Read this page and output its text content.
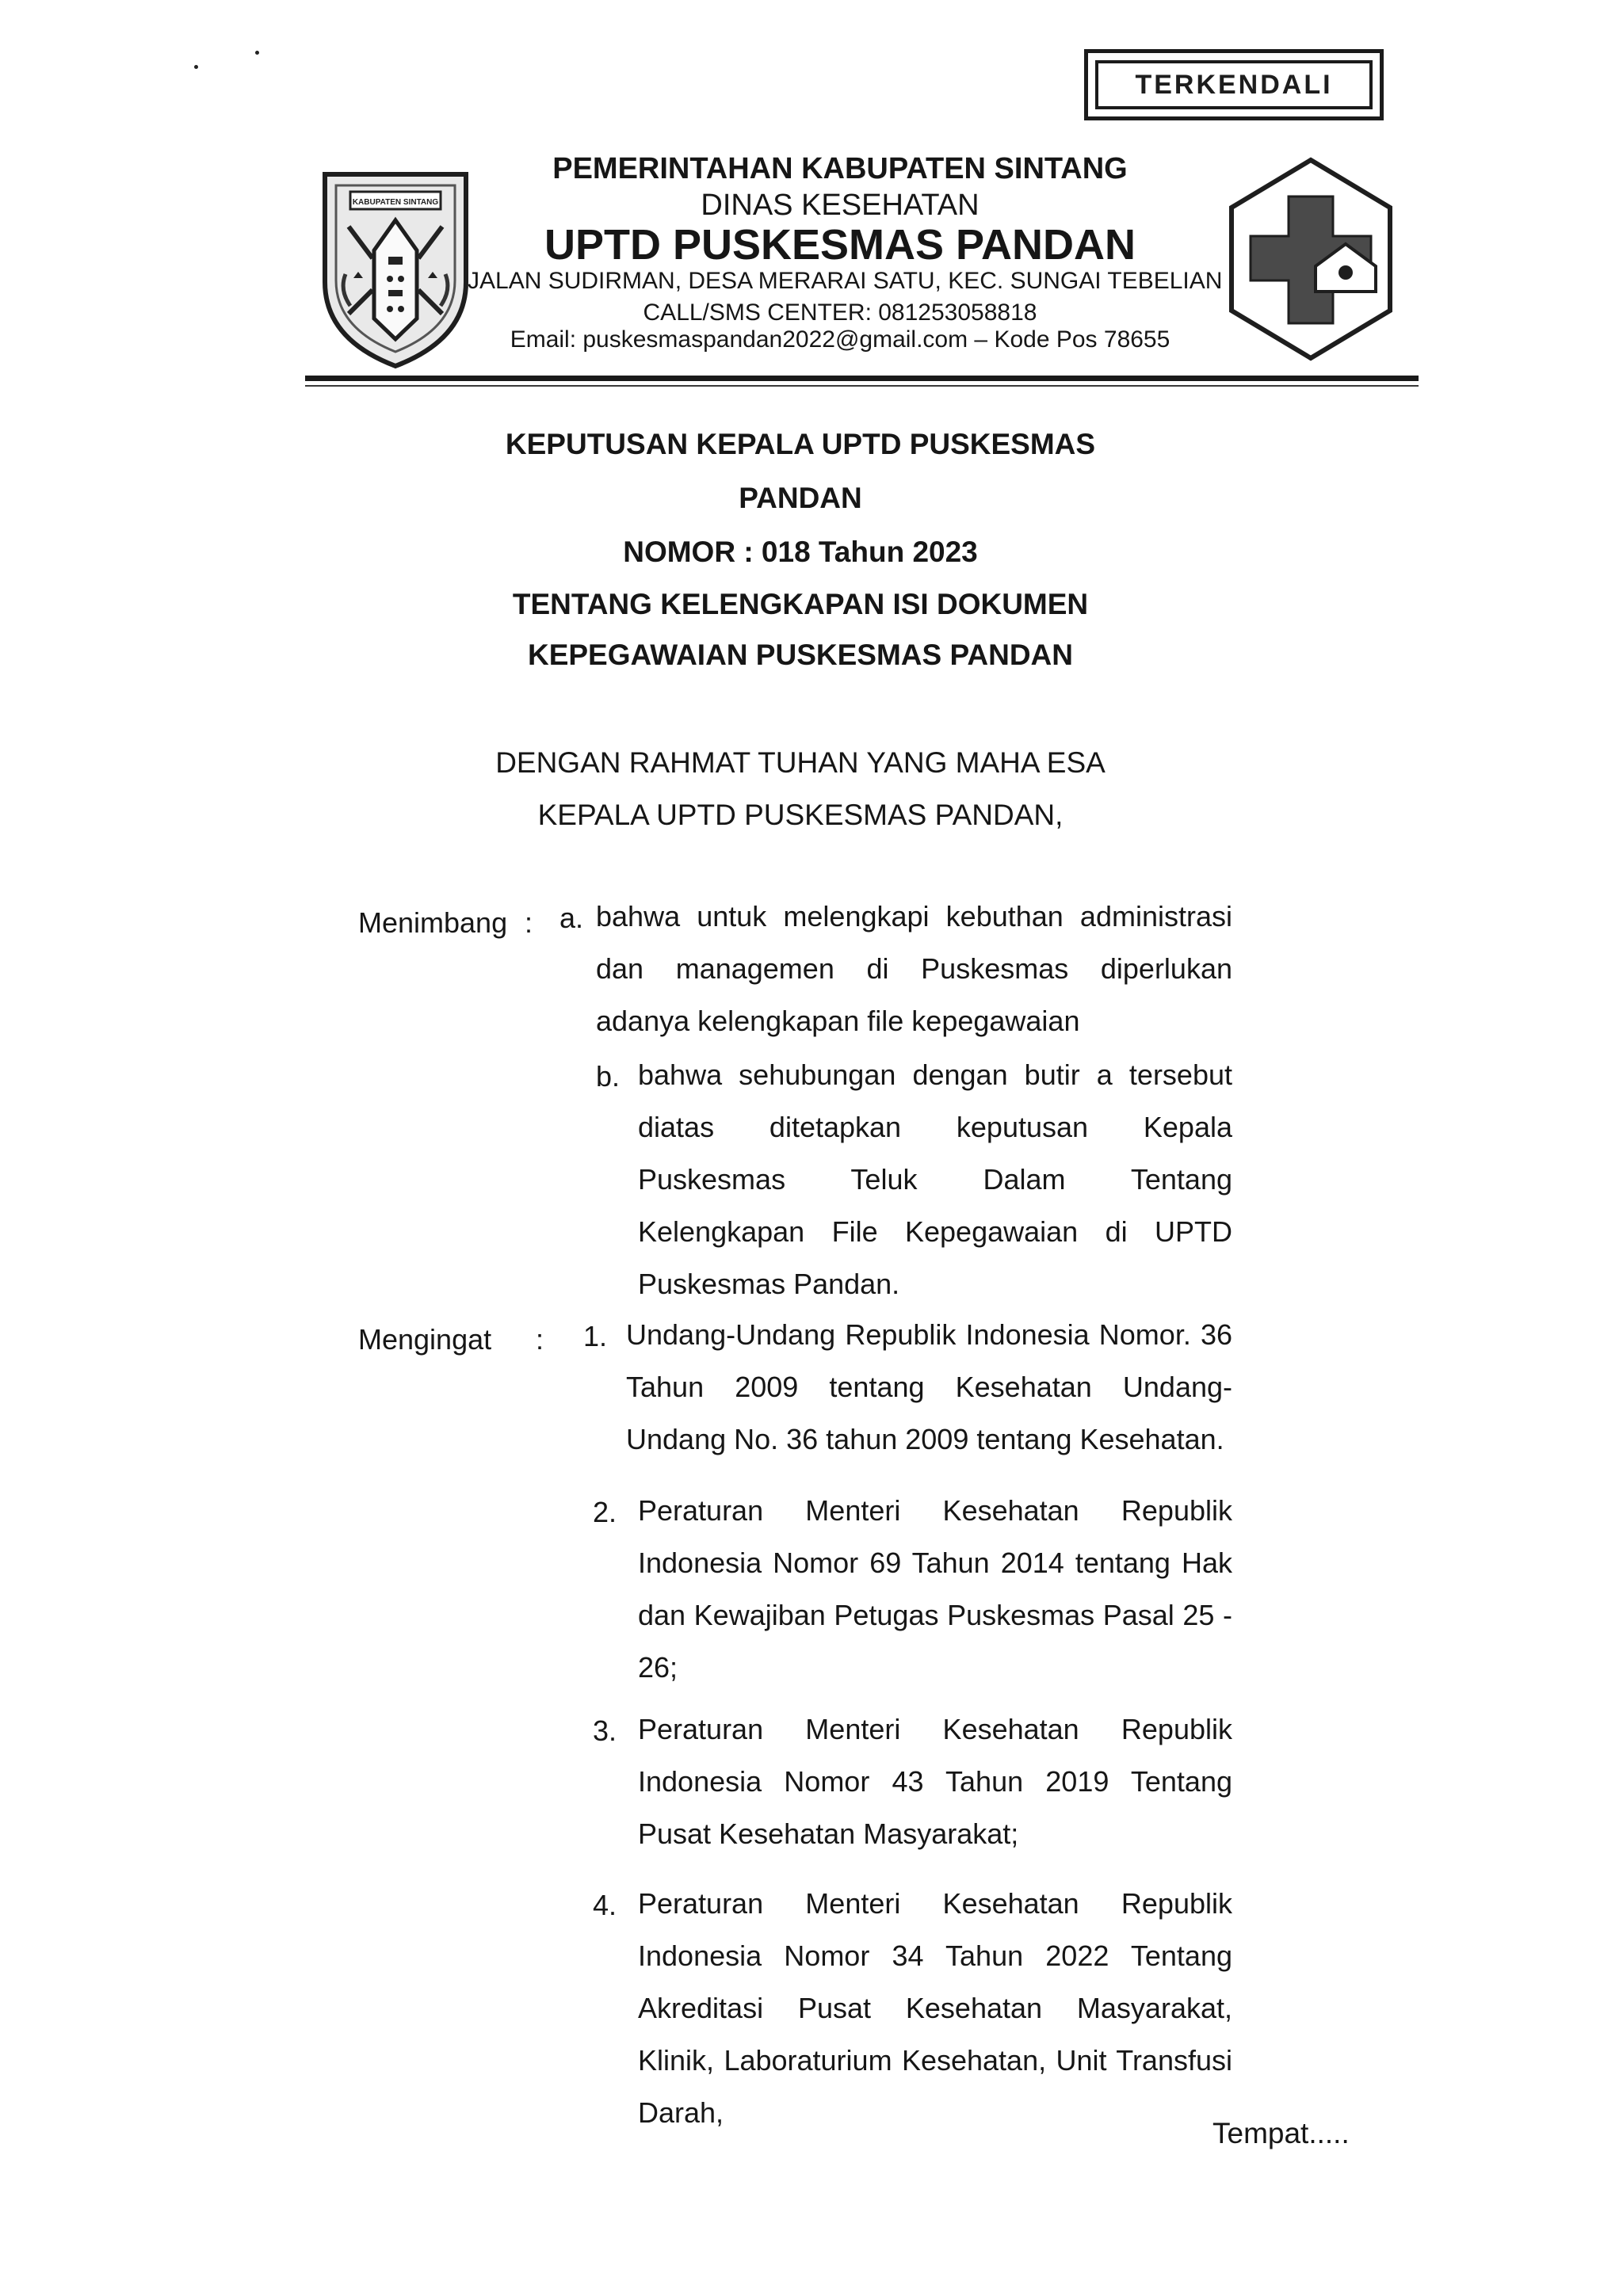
TERKENDALI
KABUPATEN SINTANG
PEMERINTAHAN KABUPATEN SINTANG
DINAS KESEHATAN
UPTD PUSKESMAS PANDAN
JALAN SUDIRMAN, DESA MERARAI SATU, KEC. SUNGAI TEBELIAN
CALL/SMS CENTER: 081253058818
Email: puskesmaspandan2022@gmail.com – Kode Pos 78655
KEPUTUSAN KEPALA UPTD PUSKESMAS
PANDAN
NOMOR : 018 Tahun 2023
TENTANG KELENGKAPAN ISI DOKUMEN
KEPEGAWAIAN PUSKESMAS PANDAN
DENGAN RAHMAT TUHAN YANG MAHA ESA
KEPALA UPTD PUSKESMAS PANDAN,
Menimbang : a. bahwa untuk melengkapi kebuthan administrasi dan managemen di Puskesmas diperlukan adanya kelengkapan file kepegawaian
b. bahwa sehubungan dengan butir a tersebut diatas ditetapkan keputusan Kepala Puskesmas Teluk Dalam Tentang Kelengkapan File Kepegawaian di UPTD Puskesmas Pandan.
Mengingat : 1. Undang-Undang Republik Indonesia Nomor. 36 Tahun 2009 tentang Kesehatan Undang-Undang No. 36 tahun 2009 tentang Kesehatan.
2. Peraturan Menteri Kesehatan Republik Indonesia Nomor 69 Tahun 2014 tentang Hak dan Kewajiban Petugas Puskesmas Pasal 25 - 26;
3. Peraturan Menteri Kesehatan Republik Indonesia Nomor 43 Tahun 2019 Tentang Pusat Kesehatan Masyarakat;
4. Peraturan Menteri Kesehatan Republik Indonesia Nomor 34 Tahun 2022 Tentang Akreditasi Pusat Kesehatan Masyarakat, Klinik, Laboraturium Kesehatan, Unit Transfusi Darah,
Tempat.....
